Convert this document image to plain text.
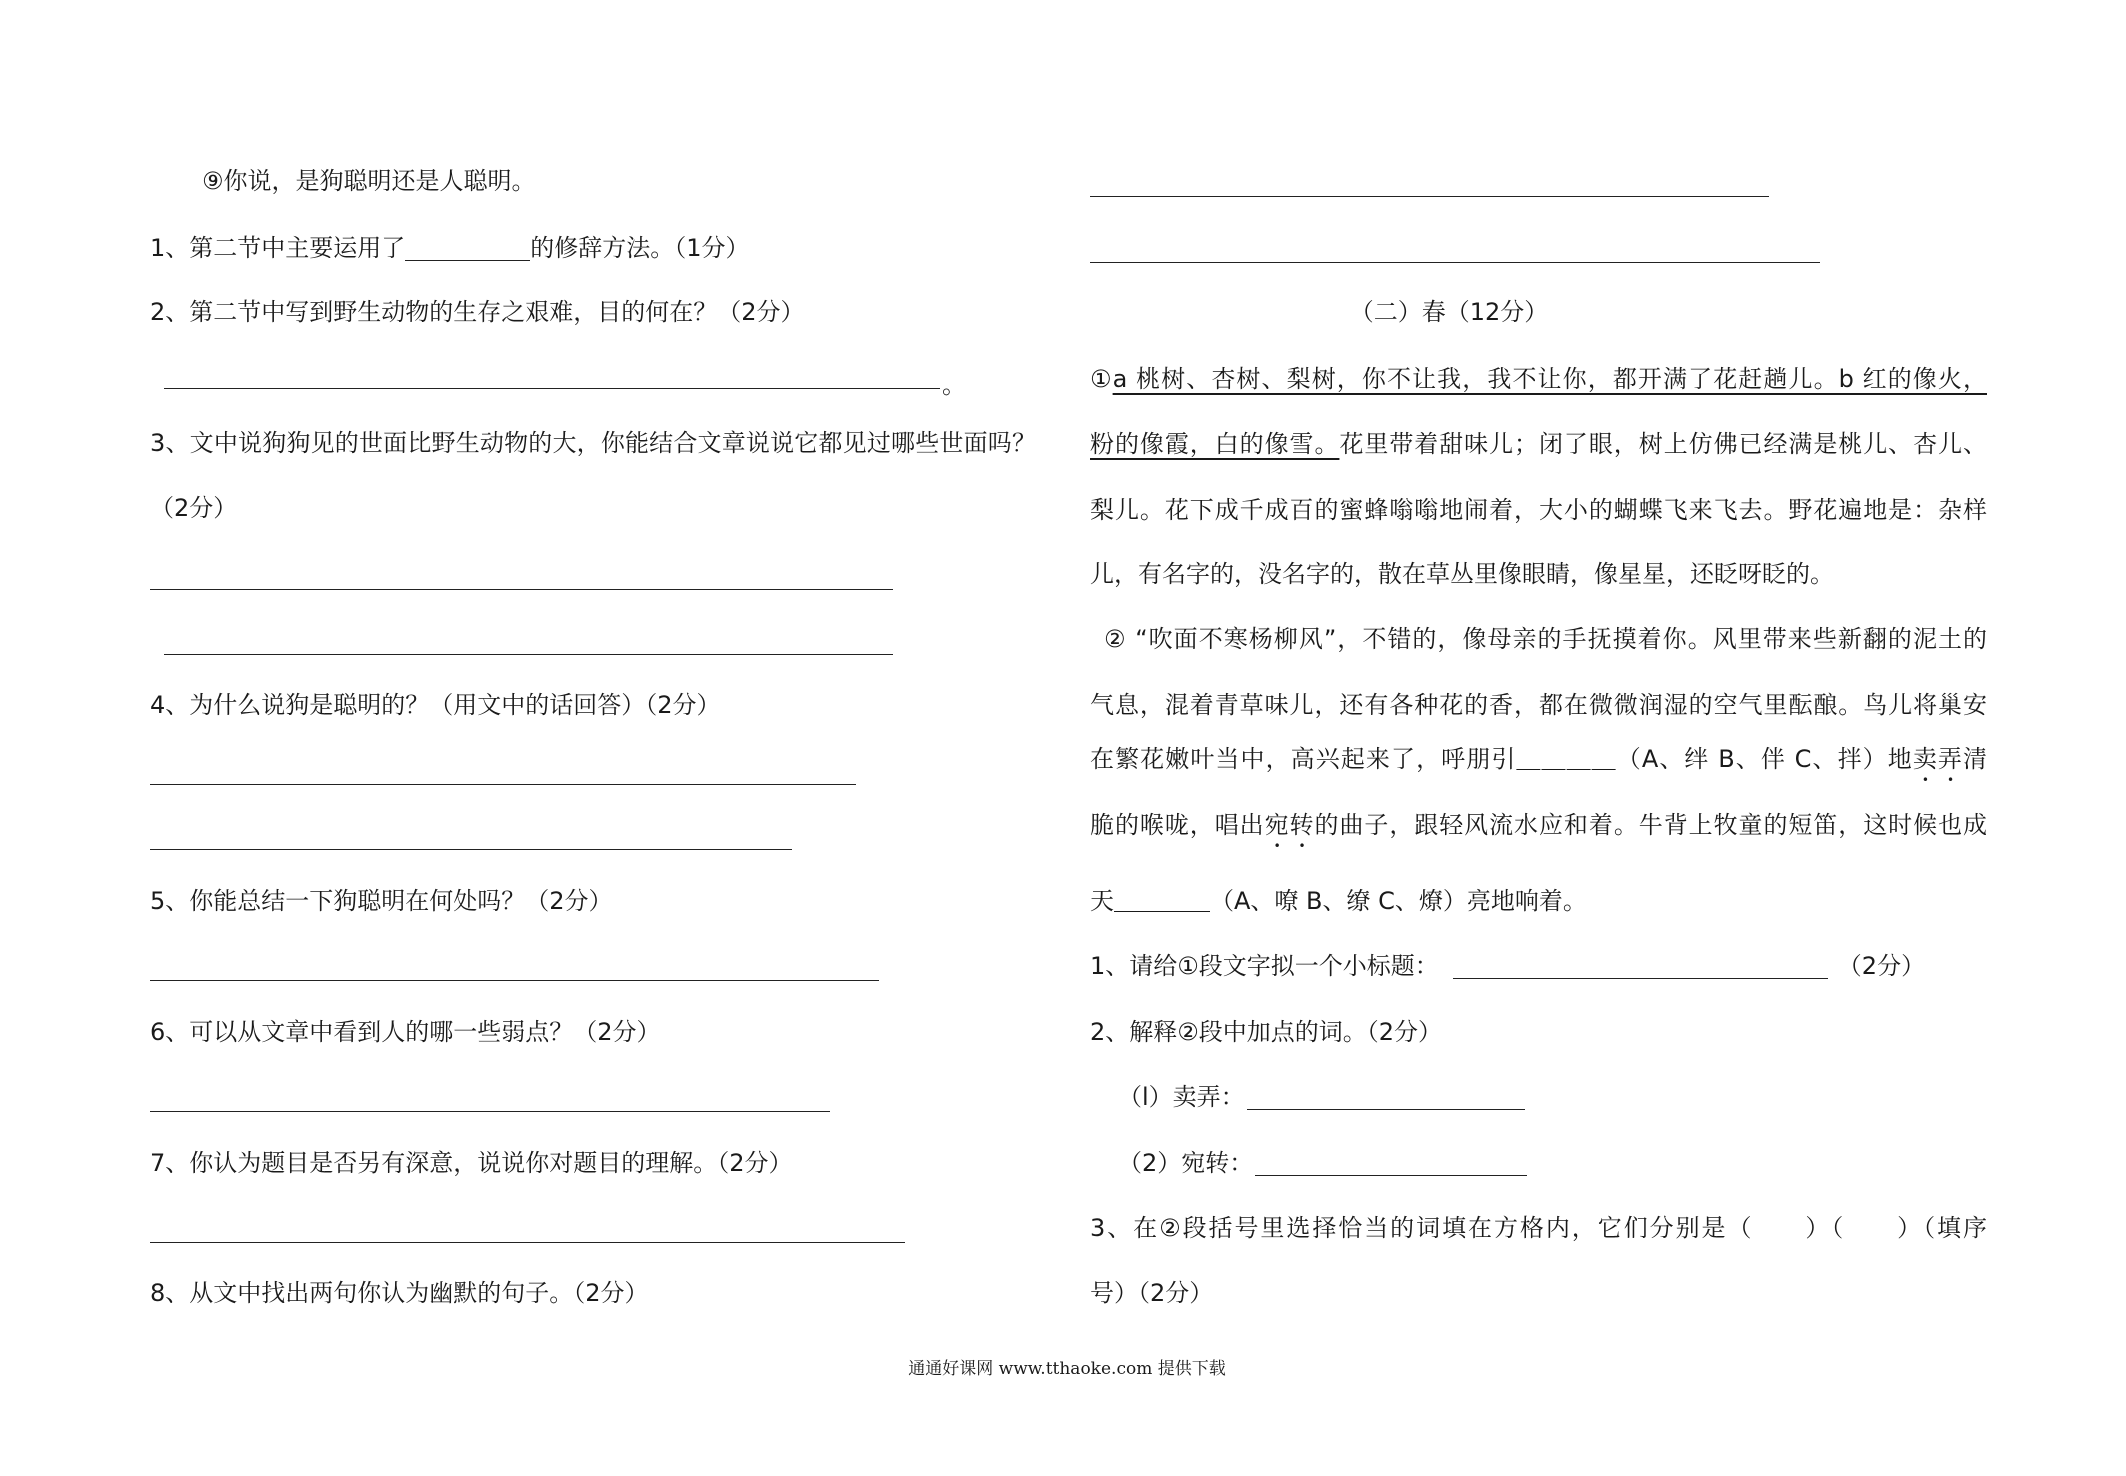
⑨你说，是狗聪明还是人聪明。
1、第二节中主要运用了	的修辞方法。（1分）
2、第二节中写到野生动物的生存之艰难，目的何在？（2分）
。
3、文中说狗狗见的世面比野生动物的大，你能结合文章说说它都见过哪些世面吗？
（2分）
4、为什么说狗是聪明的？（用文中的话回答）（2分）
5、你能总结一下狗聪明在何处吗？（2分）
6、可以从文章中看到人的哪一些弱点？（2分）
7、你认为题目是否另有深意，说说你对题目的理解。（2分）
8、从文中找出两句你认为幽默的句子。（2分）
（二）春（12分）
①a 桃树、杏树、梨树，你不让我，我不让你，都开满了花赶趟儿。b 红的像火，
粉的像霞，白的像雪。花里带着甜味儿；闭了眼，树上仿佛已经满是桃儿、杏儿、
梨儿。花下成千成百的蜜蜂嗡嗡地闹着，大小的蝴蝶飞来飞去。野花遍地是：杂样
儿，有名字的，没名字的，散在草丛里像眼睛，像星星，还眨呀眨的。
② “吹面不寒杨柳风”，不错的，像母亲的手抚摸着你。风里带来些新翻的泥土的
气息，混着青草味儿，还有各种花的香，都在微微润湿的空气里酝酿。鸟儿将巢安
在繁花嫩叶当中，高兴起来了，呼朋引＿＿＿＿（A、绊 B、伴 C、拌）地卖弄清
脆的喉咙，唱出宛转的曲子，跟轻风流水应和着。牛背上牧童的短笛，这时候也成
天＿＿＿＿（A、嘹 B、缭 C、燎）亮地响着。
1、请给①段文字拟一个小标题：	（2分）
2、解释②段中加点的词。（2分）
（l）卖弄：
（2）宛转：
3、在②段括号里选择恰当的词填在方格内，它们分别是（　　）（　　）（填序
号）（2分）
通通好课网 www.tthaoke.com 提供下载
